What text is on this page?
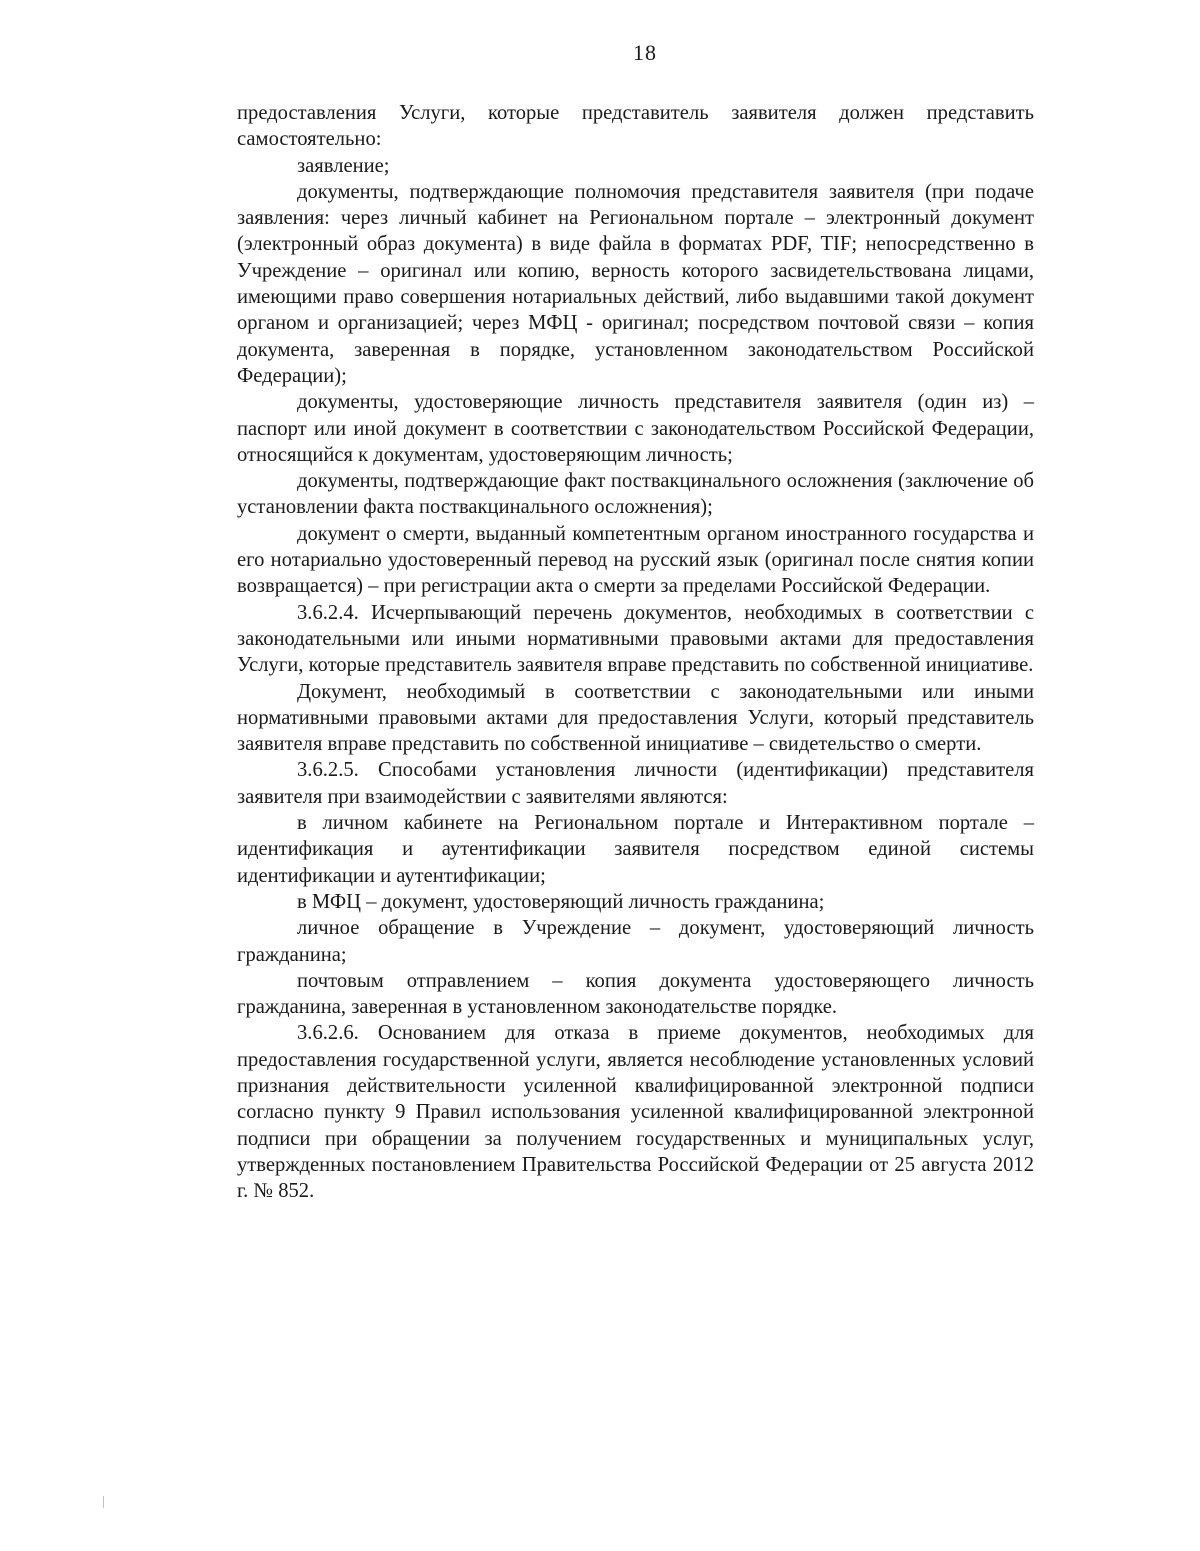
18

предоставления Услуги, которые представитель заявителя должен представить самостоятельно:

заявление;

документы, подтверждающие полномочия представителя заявителя (при подаче заявления: через личный кабинет на Региональном портале – электронный документ (электронный образ документа) в виде файла в форматах PDF, TIF; непосредственно в Учреждение – оригинал или копию, верность которого засвидетельствована лицами, имеющими право совершения нотариальных действий, либо выдавшими такой документ органом и организацией; через МФЦ - оригинал; посредством почтовой связи – копия документа, заверенная в порядке, установленном законодательством Российской Федерации);

документы, удостоверяющие личность представителя заявителя (один из) – паспорт или иной документ в соответствии с законодательством Российской Федерации, относящийся к документам, удостоверяющим личность;

документы, подтверждающие факт поствакцинального осложнения (заключение об установлении факта поствакцинального осложнения);

документ о смерти, выданный компетентным органом иностранного государства и его нотариально удостоверенный перевод на русский язык (оригинал после снятия копии возвращается) – при регистрации акта о смерти за пределами Российской Федерации.

3.6.2.4. Исчерпывающий перечень документов, необходимых в соответствии с законодательными или иными нормативными правовыми актами для предоставления Услуги, которые представитель заявителя вправе представить по собственной инициативе.

Документ, необходимый в соответствии с законодательными или иными нормативными правовыми актами для предоставления Услуги, который представитель заявителя вправе представить по собственной инициативе – свидетельство о смерти.

3.6.2.5. Способами установления личности (идентификации) представителя заявителя при взаимодействии с заявителями являются:

в личном кабинете на Региональном портале и Интерактивном портале – идентификация и аутентификации заявителя посредством единой системы идентификации и аутентификации;

в МФЦ – документ, удостоверяющий личность гражданина;

личное обращение в Учреждение – документ, удостоверяющий личность гражданина;

почтовым отправлением – копия документа удостоверяющего личность гражданина, заверенная в установленном законодательстве порядке.

3.6.2.6. Основанием для отказа в приеме документов, необходимых для предоставления государственной услуги, является несоблюдение установленных условий признания действительности усиленной квалифицированной электронной подписи согласно пункту 9 Правил использования усиленной квалифицированной электронной подписи при обращении за получением государственных и муниципальных услуг, утвержденных постановлением Правительства Российской Федерации от 25 августа 2012 г. № 852.
